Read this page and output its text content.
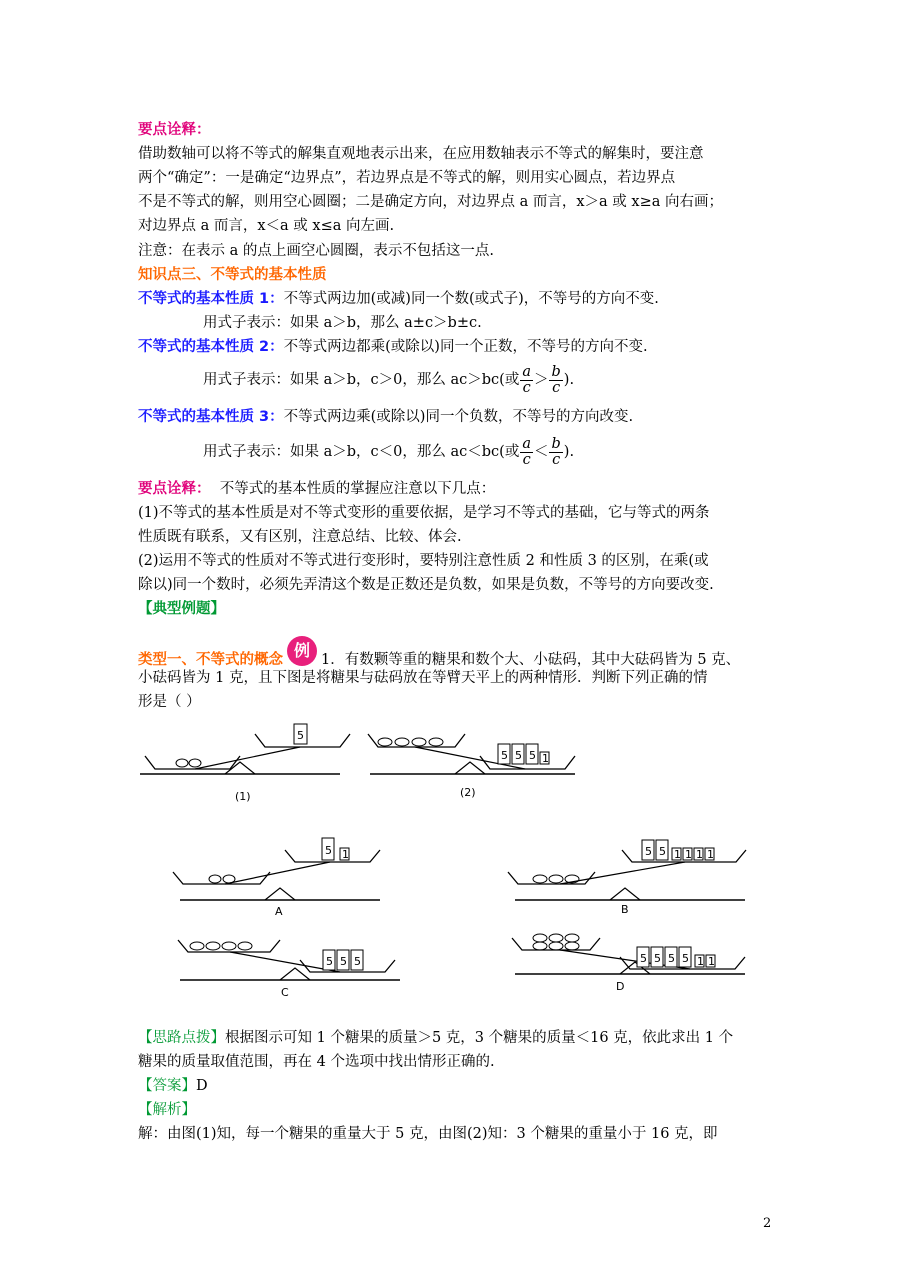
要点诠释：
借助数轴可以将不等式的解集直观地表示出来，在应用数轴表示不等式的解集时，要注意
两个“确定”：一是确定“边界点”，若边界点是不等式的解，则用实心圆点，若边界点
不是不等式的解，则用空心圆圈；二是确定方向，对边界点 a 而言，x＞a 或 x≥a 向右画；
对边界点 a 而言，x＜a 或 x≤a 向左画.
注意：在表示 a 的点上画空心圆圈，表示不包括这一点.
知识点三、不等式的基本性质
不等式的基本性质 1：不等式两边加(或减)同一个数(或式子)，不等号的方向不变.
用式子表示：如果 a＞b，那么 a±c＞b±c.
不等式的基本性质 2：不等式两边都乘(或除以)同一个正数，不等号的方向不变.
用式子表示：如果 a＞b，c＞0，那么 ac＞bc(或 $\frac{a}{c} > \frac{b}{c}$ ).
不等式的基本性质 3：不等式两边乘(或除以)同一个负数，不等号的方向改变.
用式子表示：如果 a＞b，c＜0，那么 ac＜bc(或 $\frac{a}{c} < \frac{b}{c}$ ).
要点诠释： 不等式的基本性质的掌握应注意以下几点：
(1)不等式的基本性质是对不等式变形的重要依据，是学习不等式的基础，它与等式的两条
性质既有联系，又有区别，注意总结、比较、体会.
(2)运用不等式的性质对不等式进行变形时，要特别注意性质 2 和性质 3 的区别，在乘(或
除以)同一个数时，必须先弄清这个数是正数还是负数，如果是负数，不等号的方向要改变.
【典型例题】
类型一、不等式的概念 例 1．有数颗等重的糖果和数个大、小砝码，其中大砝码皆为 5 克、
小砝码皆为 1 克，且下图是将糖果与砝码放在等臂天平上的两种情形．判断下列正确的情
形是（ ）
5
(1)
5 5 5 1
(2)
5 1
A
5 5 1 1 1 1
B
5 5 5
C
5 5 5 5 1 1
D
【思路点拨】根据图示可知 1 个糖果的质量＞5 克，3 个糖果的质量＜16 克，依此求出 1 个
糖果的质量取值范围，再在 4 个选项中找出情形正确的.
【答案】D
【解析】
解：由图(1)知，每一个糖果的重量大于 5 克，由图(2)知：3 个糖果的重量小于 16 克，即
2
